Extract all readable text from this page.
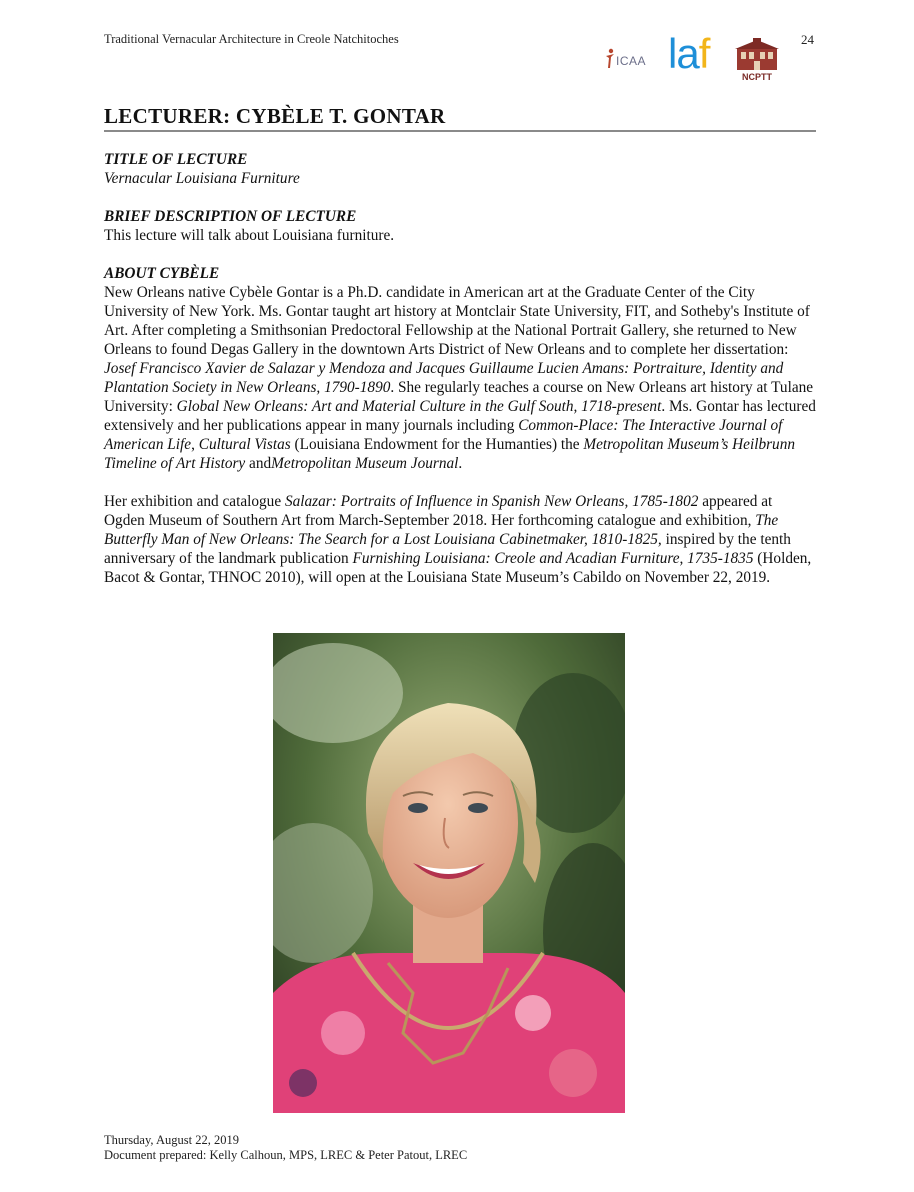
Traditional Vernacular Architecture in Creole Natchitoches
ICAA laf	NCPTT
24
LECTURER: CYBÈLE T. GONTAR

TITLE OF LECTURE

Vernacular Louisiana Furniture

BRIEF DESCRIPTION OF LECTURE

This lecture will talk about Louisiana furniture.

ABOUT CYBÈLE

New Orleans native Cybèle Gontar is a Ph.D. candidate in American art at the Graduate Center of the City University of New York. Ms. Gontar taught art history at Montclair State University, FIT, and Sotheby's Institute of Art. After completing a Smithsonian Predoctoral Fellowship at the National Portrait Gallery, she returned to New Orleans to found Degas Gallery in the downtown Arts District of New Orleans and to complete her dissertation: Josef Francisco Xavier de Salazar y Mendoza and Jacques Guillaume Lucien Amans: Portraiture, Identity and Plantation Society in New Orleans, 1790-1890. She regularly teaches a course on New Orleans art history at Tulane University: Global New Orleans: Art and Material Culture in the Gulf South, 1718-present. Ms. Gontar has lectured extensively and her publications appear in many journals including Common-Place: The Interactive Journal of American Life, Cultural Vistas (Louisiana Endowment for the Humanties) the Metropolitan Museum’s Heilbrunn Timeline of Art History andMetropolitan Museum Journal.

Her exhibition and catalogue Salazar: Portraits of Influence in Spanish New Orleans, 1785-1802 appeared at Ogden Museum of Southern Art from March-September 2018. Her forthcoming catalogue and exhibition, The Butterfly Man of New Orleans: The Search for a Lost Louisiana Cabinetmaker, 1810-1825, inspired by the tenth anniversary of the landmark publication Furnishing Louisiana: Creole and Acadian Furniture, 1735-1835 (Holden, Bacot & Gontar, THNOC 2010), will open at the Louisiana State Museum’s Cabildo on November 22, 2019.

Thursday, August 22, 2019
Document prepared: Kelly Calhoun, MPS, LREC & Peter Patout, LREC
